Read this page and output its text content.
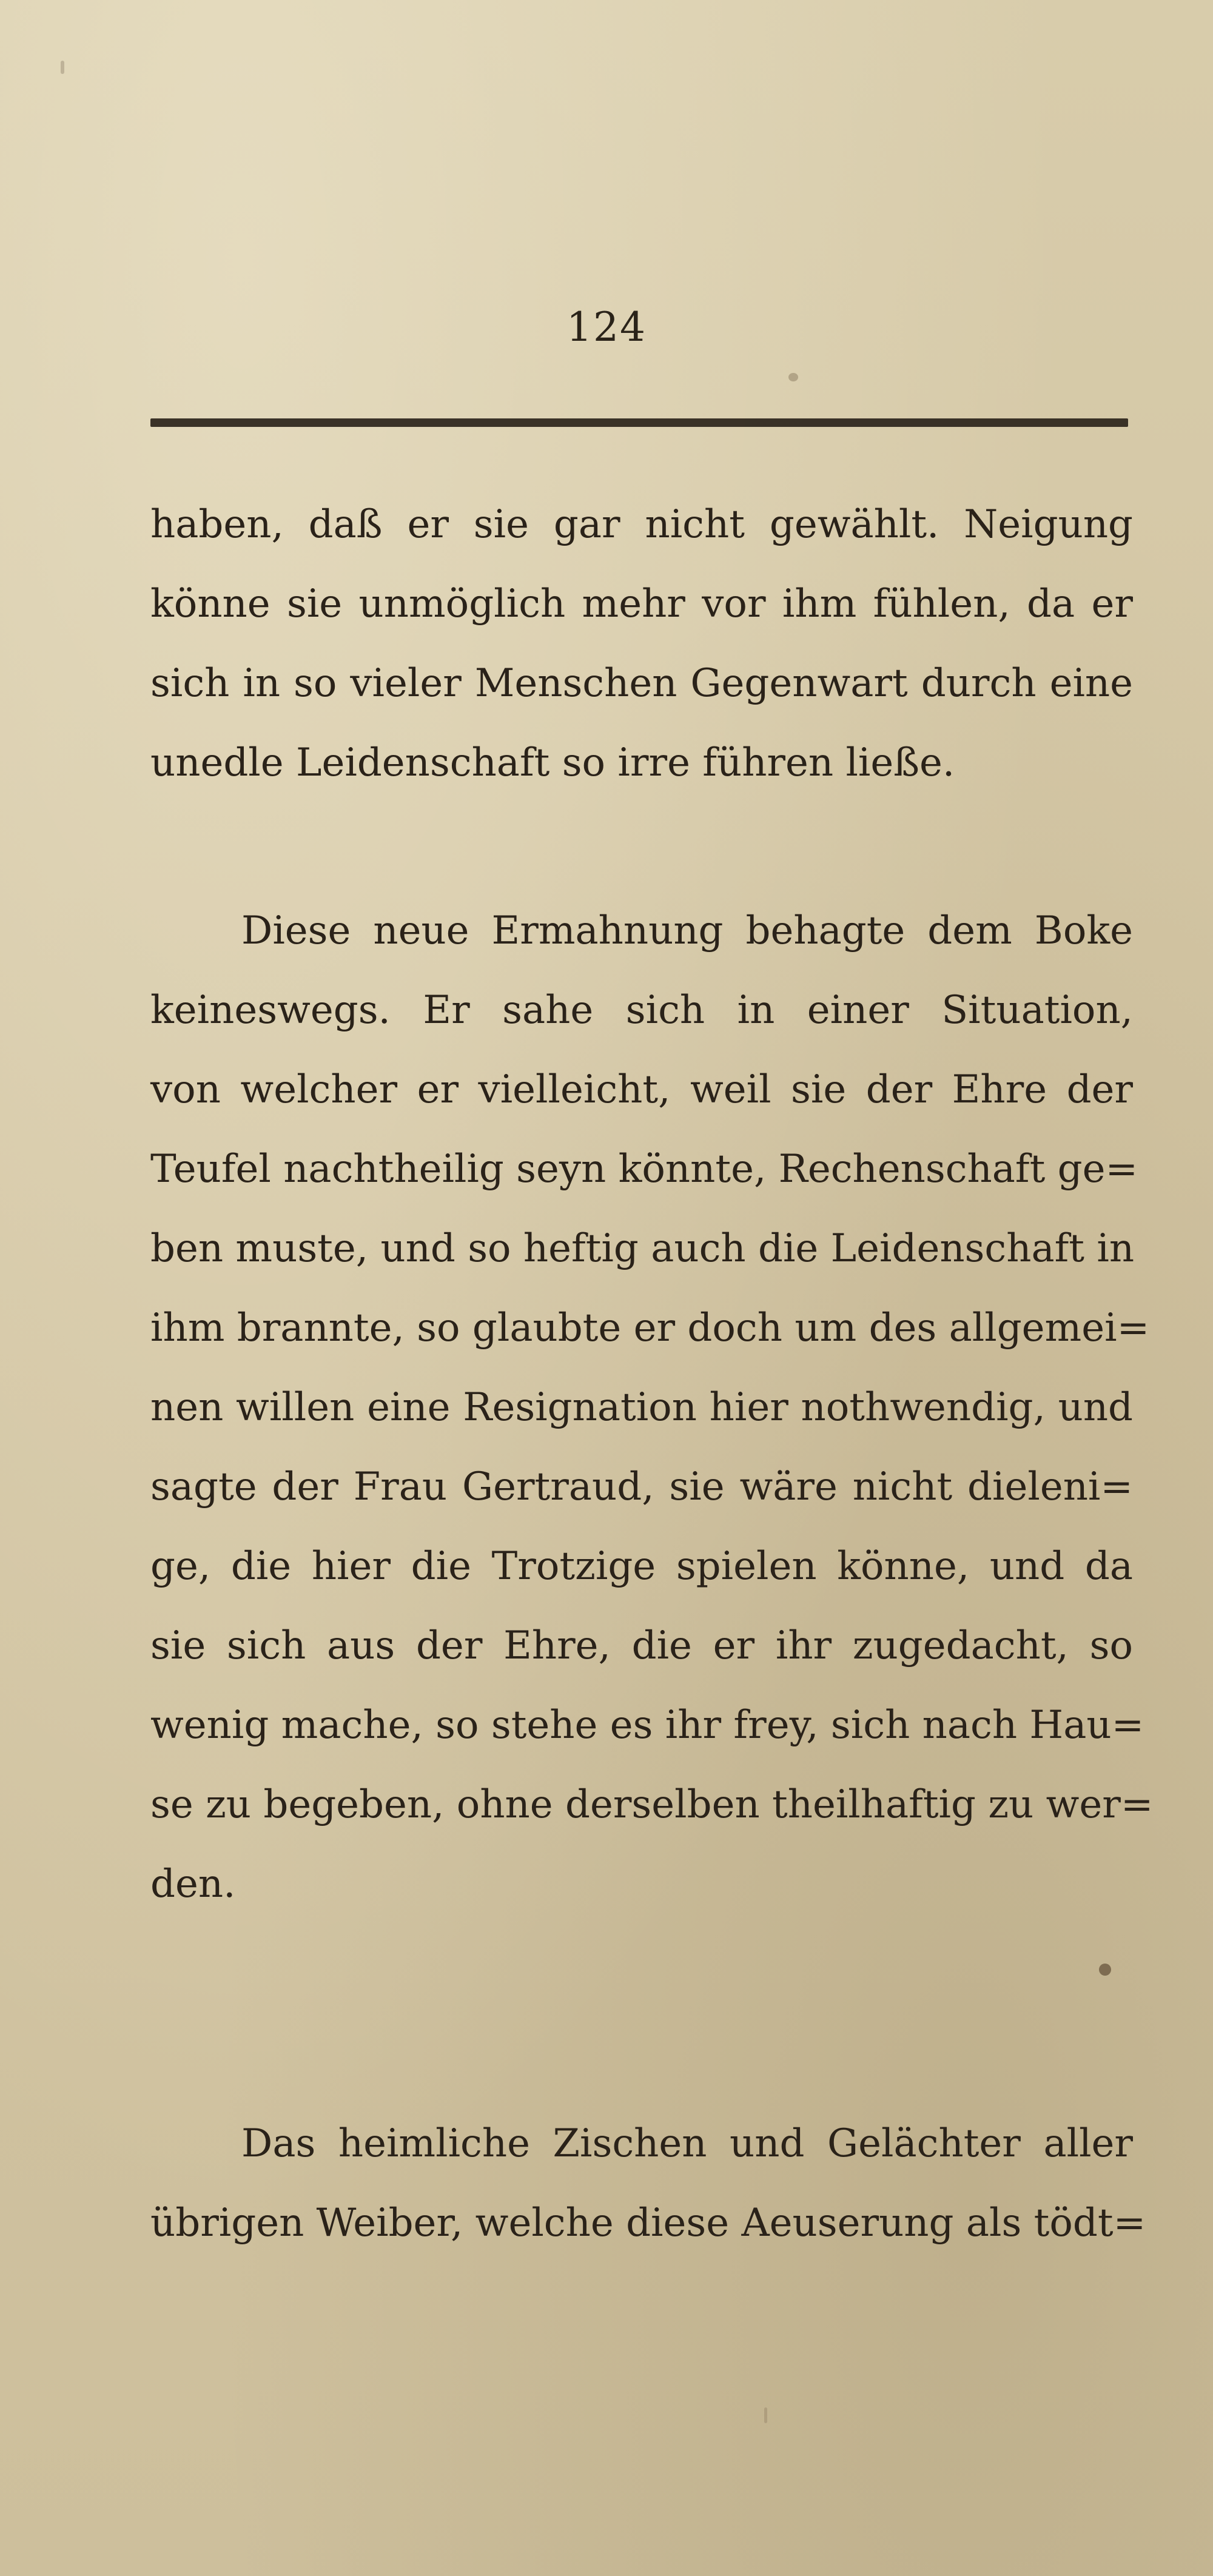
124
haben, daß er sie gar nicht gewählt. Neigung
könne sie unmöglich mehr vor ihm fühlen, da er
sich in so vieler Menschen Gegenwart durch eine
unedle Leidenschaft so irre führen ließe.
Diese neue Ermahnung behagte dem Boke
keineswegs. Er sahe sich in einer Situation,
von welcher er vielleicht, weil sie der Ehre der
Teufel nachtheilig seyn könnte, Rechenschaft ge=
ben muste, und so heftig auch die Leidenschaft in
ihm brannte, so glaubte er doch um des allgemei=
nen willen eine Resignation hier nothwendig, und
sagte der Frau Gertraud, sie wäre nicht dieleni=
ge, die hier die Trotzige spielen könne, und da
sie sich aus der Ehre, die er ihr zugedacht, so
wenig mache, so stehe es ihr frey, sich nach Hau=
se zu begeben, ohne derselben theilhaftig zu wer=
den.
Das heimliche Zischen und Gelächter aller
übrigen Weiber, welche diese Aeuserung als tödt=
